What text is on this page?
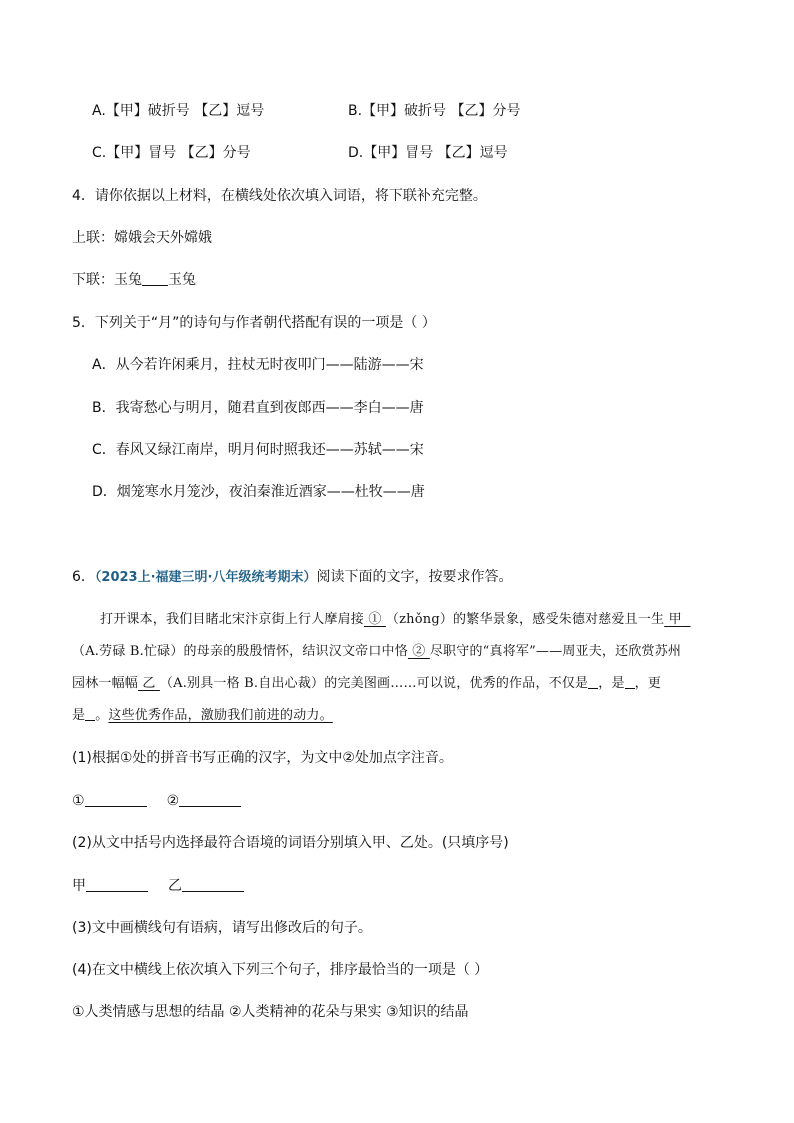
A.【甲】破折号 【乙】逗号	B.【甲】破折号 【乙】分号
C.【甲】冒号 【乙】分号	D.【甲】冒号 【乙】逗号
4．请你依据以上材料，在横线处依次填入词语，将下联补充完整。
上联：嫦娥会天外嫦娥
下联：玉兔 玉兔
5．下列关于“月”的诗句与作者朝代搭配有误的一项是（ ）
A．从今若许闲乘月，拄杖无时夜叩门——陆游——宋
B．我寄愁心与明月，随君直到夜郎西——李白——唐
C．春风又绿江南岸，明月何时照我还——苏轼——宋
D．烟笼寒水月笼沙，夜泊秦淮近酒家——杜牧——唐
6．（2023上·福建三明·八年级统考期末）阅读下面的文字，按要求作答。
打开课本，我们目睹北宋汴京街上行人摩肩接 ① （zhǒng）的繁华景象，感受朱德对慈爱且一生 甲
（A.劳碌 B.忙碌）的母亲的殷殷情怀，结识汉文帝口中恪 ② 尽职守的“真将军”——周亚夫，还欣赏苏州
园林一幅幅 乙 （A.别具一格 B.自出心裁）的完美图画……可以说，优秀的作品，不仅是 ，是 ，更
是 。这些优秀作品，激励我们前进的动力。
(1)根据①处的拼音书写正确的汉字，为文中②处加点字注音。
①	②
(2)从文中括号内选择最符合语境的词语分别填入甲、乙处。(只填序号)
甲	乙
(3)文中画横线句有语病，请写出修改后的句子。
(4)在文中横线上依次填入下列三个句子，排序最恰当的一项是（ ）
①人类情感与思想的结晶 ②人类精神的花朵与果实 ③知识的结晶
